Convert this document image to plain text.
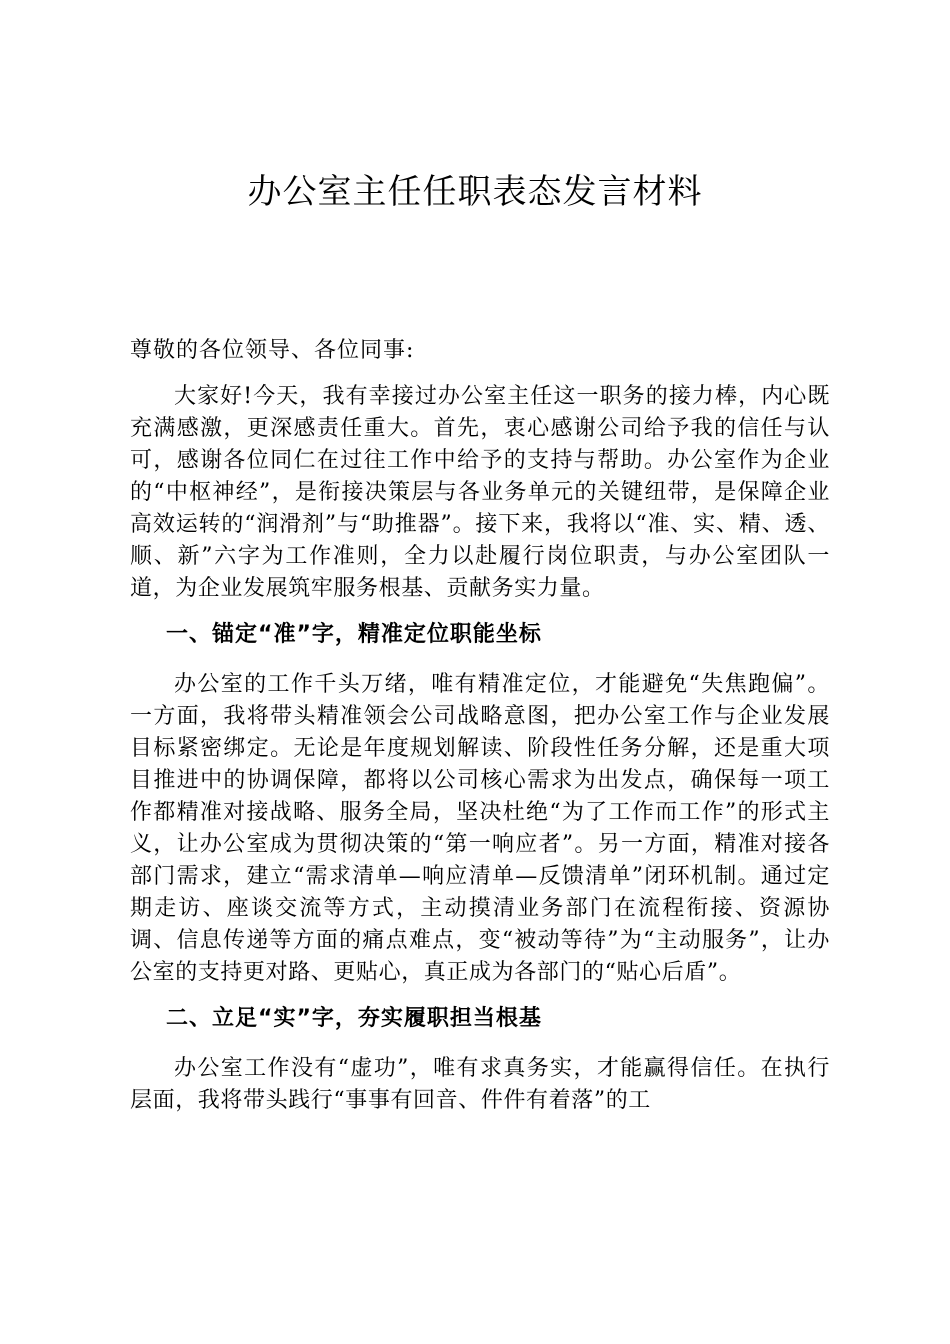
办公室主任任职表态发言材料

尊敬的各位领导、各位同事:

大家好!今天，我有幸接过办公室主任这一职务的接力棒，内心既充满感激，更深感责任重大。首先，衷心感谢公司给予我的信任与认可，感谢各位同仁在过往工作中给予的支持与帮助。办公室作为企业的“中枢神经”，是衔接决策层与各业务单元的关键纽带，是保障企业高效运转的“润滑剂”与“助推器”。接下来，我将以“准、实、精、透、顺、新”六字为工作准则，全力以赴履行岗位职责，与办公室团队一道，为企业发展筑牢服务根基、贡献务实力量。

一、锚定“准”字，精准定位职能坐标

办公室的工作千头万绪，唯有精准定位，才能避免“失焦跑偏”。一方面，我将带头精准领会公司战略意图，把办公室工作与企业发展目标紧密绑定。无论是年度规划解读、阶段性任务分解，还是重大项目推进中的协调保障，都将以公司核心需求为出发点，确保每一项工作都精准对接战略、服务全局，坚决杜绝“为了工作而工作”的形式主义，让办公室成为贯彻决策的“第一响应者”。另一方面，精准对接各部门需求，建立“需求清单—响应清单—反馈清单”闭环机制。通过定期走访、座谈交流等方式，主动摸清业务部门在流程衔接、资源协调、信息传递等方面的痛点难点，变“被动等待”为“主动服务”，让办公室的支持更对路、更贴心，真正成为各部门的“贴心后盾”。

二、立足“实”字，夯实履职担当根基

办公室工作没有“虚功”，唯有求真务实，才能赢得信任。在执行层面，我将带头践行“事事有回音、件件有着落”的工
